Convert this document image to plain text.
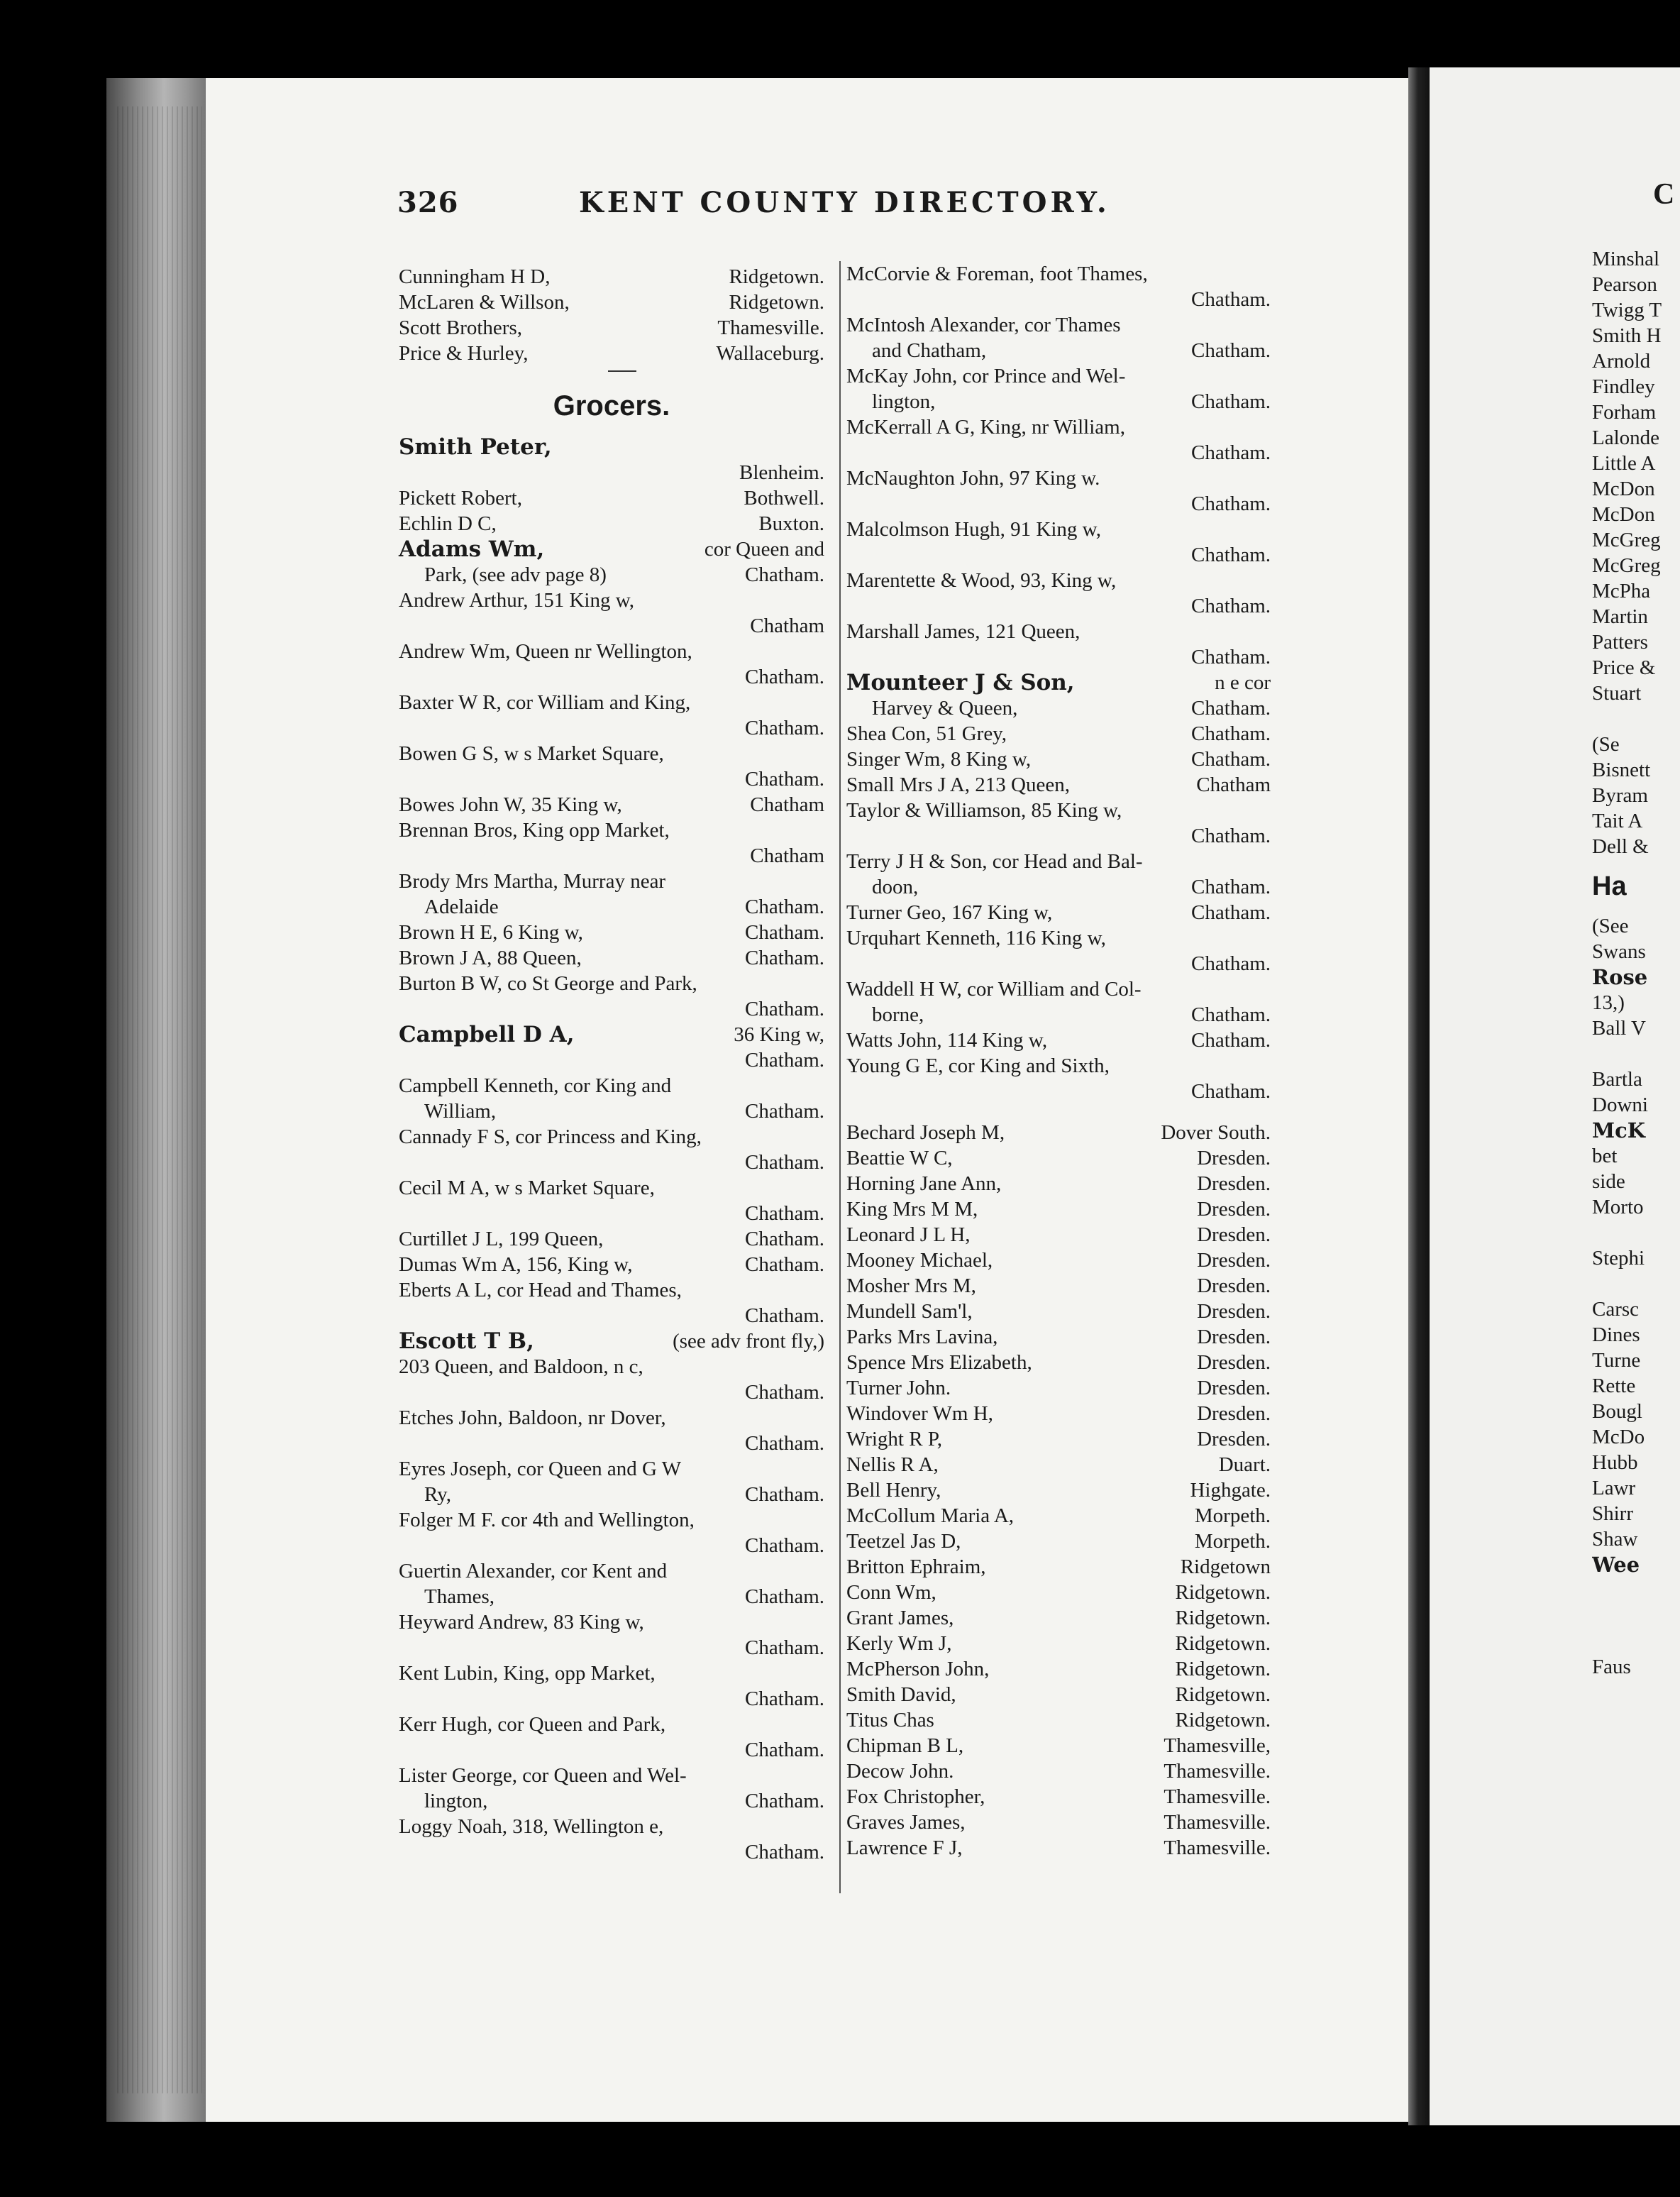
326	KENT COUNTY DIRECTORY.
Cunningham H D,	Ridgetown.
McLaren & Willson,	Ridgetown.
Scott Brothers,	Thamesville.
Price & Hurley,	Wallaceburg.
Grocers.
Smith Peter,
Blenheim.
Pickett Robert,	Bothwell.
Echlin D C,	Buxton.
Adams Wm,	cor Queen and
Park, (see adv page 8)	Chatham.
Andrew Arthur, 151 King w,
Chatham
Andrew Wm, Queen nr Wellington,
Chatham.
Baxter W R, cor William and King,
Chatham.
Bowen G S, w s Market Square,
Chatham.
Bowes John W, 35 King w,	Chatham
Brennan Bros, King opp Market,
Chatham
Brody Mrs Martha, Murray near
Adelaide	Chatham.
Brown H E, 6 King w,	Chatham.
Brown J A, 88 Queen,	Chatham.
Burton B W, co St George and Park,
Chatham.
Campbell D A,	36 King w,
Chatham.
Campbell Kenneth, cor King and
William,	Chatham.
Cannady F S, cor Princess and King,
Chatham.
Cecil M A, w s Market Square,
Chatham.
Curtillet J L, 199 Queen,	Chatham.
Dumas Wm A, 156, King w,	Chatham.
Eberts A L, cor Head and Thames,
Chatham.
Escott T B,	(see adv front fly,)
203 Queen, and Baldoon, n c,
Chatham.
Etches John, Baldoon, nr Dover,
Chatham.
Eyres Joseph, cor Queen and G W
Ry,	Chatham.
Folger M F. cor 4th and Wellington,
Chatham.
Guertin Alexander, cor Kent and
Thames,	Chatham.
Heyward Andrew, 83 King w,
Chatham.
Kent Lubin, King, opp Market,
Chatham.
Kerr Hugh, cor Queen and Park,
Chatham.
Lister George, cor Queen and Wel-
lington,	Chatham.
Loggy Noah, 318, Wellington e,
Chatham.
McCorvie & Foreman, foot Thames,
Chatham.
McIntosh Alexander, cor Thames
and Chatham,	Chatham.
McKay John, cor Prince and Wel-
lington,	Chatham.
McKerrall A G, King, nr William,
Chatham.
McNaughton John, 97 King w.
Chatham.
Malcolmson Hugh, 91 King w,
Chatham.
Marentette & Wood, 93, King w,
Chatham.
Marshall James, 121 Queen,
Chatham.
Mounteer J & Son,	n e cor
Harvey & Queen,	Chatham.
Shea Con, 51 Grey,	Chatham.
Singer Wm, 8 King w,	Chatham.
Small Mrs J A, 213 Queen,	Chatham
Taylor & Williamson, 85 King w,
Chatham.
Terry J H & Son, cor Head and Bal-
doon,	Chatham.
Turner Geo, 167 King w,	Chatham.
Urquhart Kenneth, 116 King w,
Chatham.
Waddell H W, cor William and Col-
borne,	Chatham.
Watts John, 114 King w,	Chatham.
Young G E, cor King and Sixth,
Chatham.
Bechard Joseph M,	Dover South.
Beattie W C,	Dresden.
Horning Jane Ann,	Dresden.
King Mrs M M,	Dresden.
Leonard J L H,	Dresden.
Mooney Michael,	Dresden.
Mosher Mrs M,	Dresden.
Mundell Sam'l,	Dresden.
Parks Mrs Lavina,	Dresden.
Spence Mrs Elizabeth,	Dresden.
Turner John.	Dresden.
Windover Wm H,	Dresden.
Wright R P,	Dresden.
Nellis R A,	Duart.
Bell Henry,	Highgate.
McCollum Maria A,	Morpeth.
Teetzel Jas D,	Morpeth.
Britton Ephraim,	Ridgetown
Conn Wm,	Ridgetown.
Grant James,	Ridgetown.
Kerly Wm J,	Ridgetown.
McPherson John,	Ridgetown.
Smith David,	Ridgetown.
Titus Chas	Ridgetown.
Chipman B L,	Thamesville,
Decow John.	Thamesville.
Fox Christopher,	Thamesville.
Graves James,	Thamesville.
Lawrence F J,	Thamesville.
C
Minshal
Pearson
Twigg T
Smith H
Arnold
Findley
Forham
Lalonde
Little A
McDon
McDon
McGreg
McGreg
McPha
Martin
Patters
Price &
Stuart

(Se
Bisnett
Byram
Tait A
Dell &
Ha
(See
Swans
Rose
13,)
Ball V

Bartla
Downi
McK
bet
side
Morto

Stephi

Carsc
Dines
Turne
Rette
Bougl
McDo
Hubb
Lawr
Shirr
Shaw
Wee

Faus
